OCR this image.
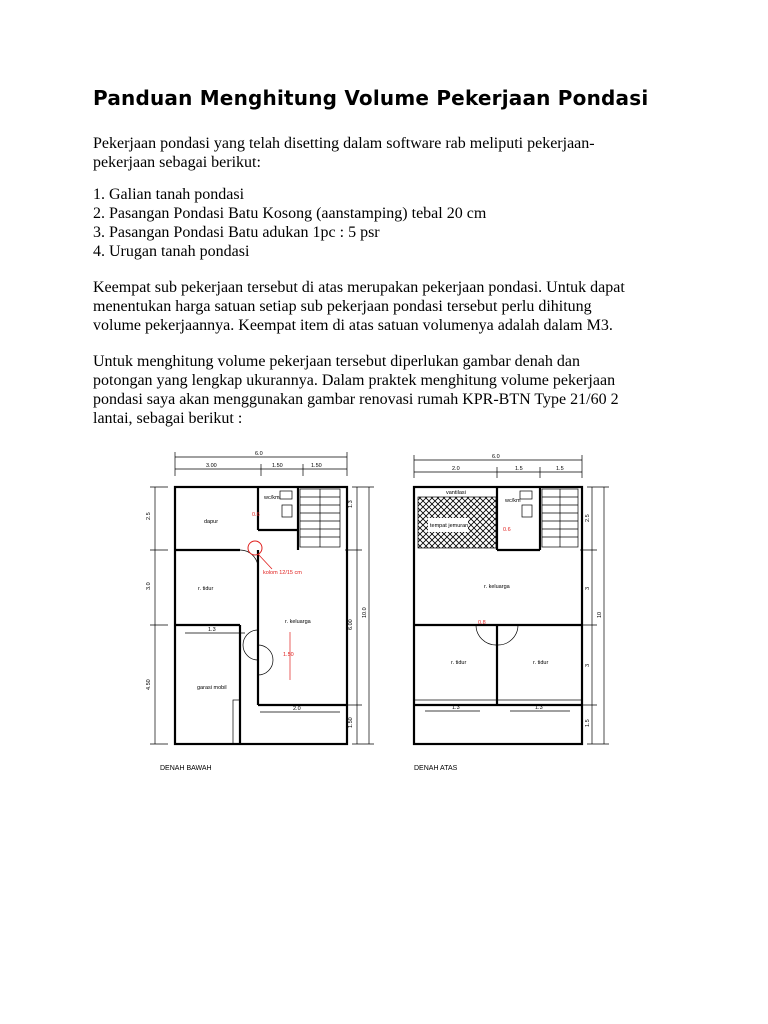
Panduan Menghitung Volume Pekerjaan Pondasi

Pekerjaan pondasi yang telah disetting dalam software rab meliputi pekerjaan-
pekerjaan sebagai berikut:

1. Galian tanah pondasi
2. Pasangan Pondasi Batu Kosong (aanstamping) tebal 20 cm
3. Pasangan Pondasi Batu adukan 1pc : 5 psr
4. Urugan tanah pondasi

Keempat sub pekerjaan tersebut di atas merupakan pekerjaan pondasi. Untuk dapat
menentukan harga satuan setiap sub pekerjaan pondasi tersebut perlu dihitung
volume pekerjaannya. Keempat item di atas satuan volumenya adalah dalam M3.

Untuk menghitung volume pekerjaan tersebut diperlukan gambar denah dan
potongan yang lengkap ukurannya. Dalam praktek menghitung volume pekerjaan
pondasi saya akan menggunakan gambar renovasi rumah KPR-BTN Type 21/60 2
lantai, sebagai berikut :

6.0
3.00	1.50	1.50
2.5
3.0
4.50
1.3
6.00
10.0
1.50
dapur
wc/km
r. tidur
r. keluarga
garasi mobil
1.3
2.0
kolom 12/15 cm
1.50
0.6
DENAH BAWAH
6.0
2.0	1.5	1.5
2.5
3
10
3
1.5
vantilasi
wc/km
tempat jemuran
r. keluarga
r. tidur	r. tidur
1.3	1.3
0.6
0.8
DENAH ATAS
